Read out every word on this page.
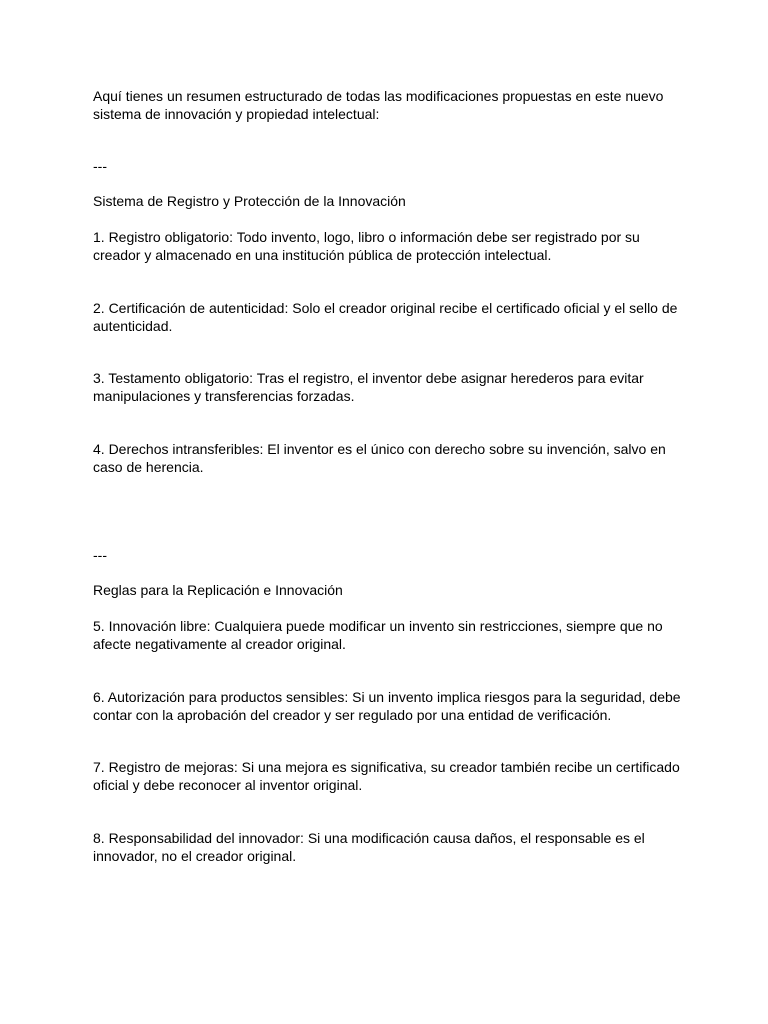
Aquí tienes un resumen estructurado de todas las modificaciones propuestas en este nuevo sistema de innovación y propiedad intelectual:

---

Sistema de Registro y Protección de la Innovación

1. Registro obligatorio: Todo invento, logo, libro o información debe ser registrado por su creador y almacenado en una institución pública de protección intelectual.

2. Certificación de autenticidad: Solo el creador original recibe el certificado oficial y el sello de autenticidad.

3. Testamento obligatorio: Tras el registro, el inventor debe asignar herederos para evitar manipulaciones y transferencias forzadas.

4. Derechos intransferibles: El inventor es el único con derecho sobre su invención, salvo en caso de herencia.

---

Reglas para la Replicación e Innovación

5. Innovación libre: Cualquiera puede modificar un invento sin restricciones, siempre que no afecte negativamente al creador original.

6. Autorización para productos sensibles: Si un invento implica riesgos para la seguridad, debe contar con la aprobación del creador y ser regulado por una entidad de verificación.

7. Registro de mejoras: Si una mejora es significativa, su creador también recibe un certificado oficial y debe reconocer al inventor original.

8. Responsabilidad del innovador: Si una modificación causa daños, el responsable es el innovador, no el creador original.
